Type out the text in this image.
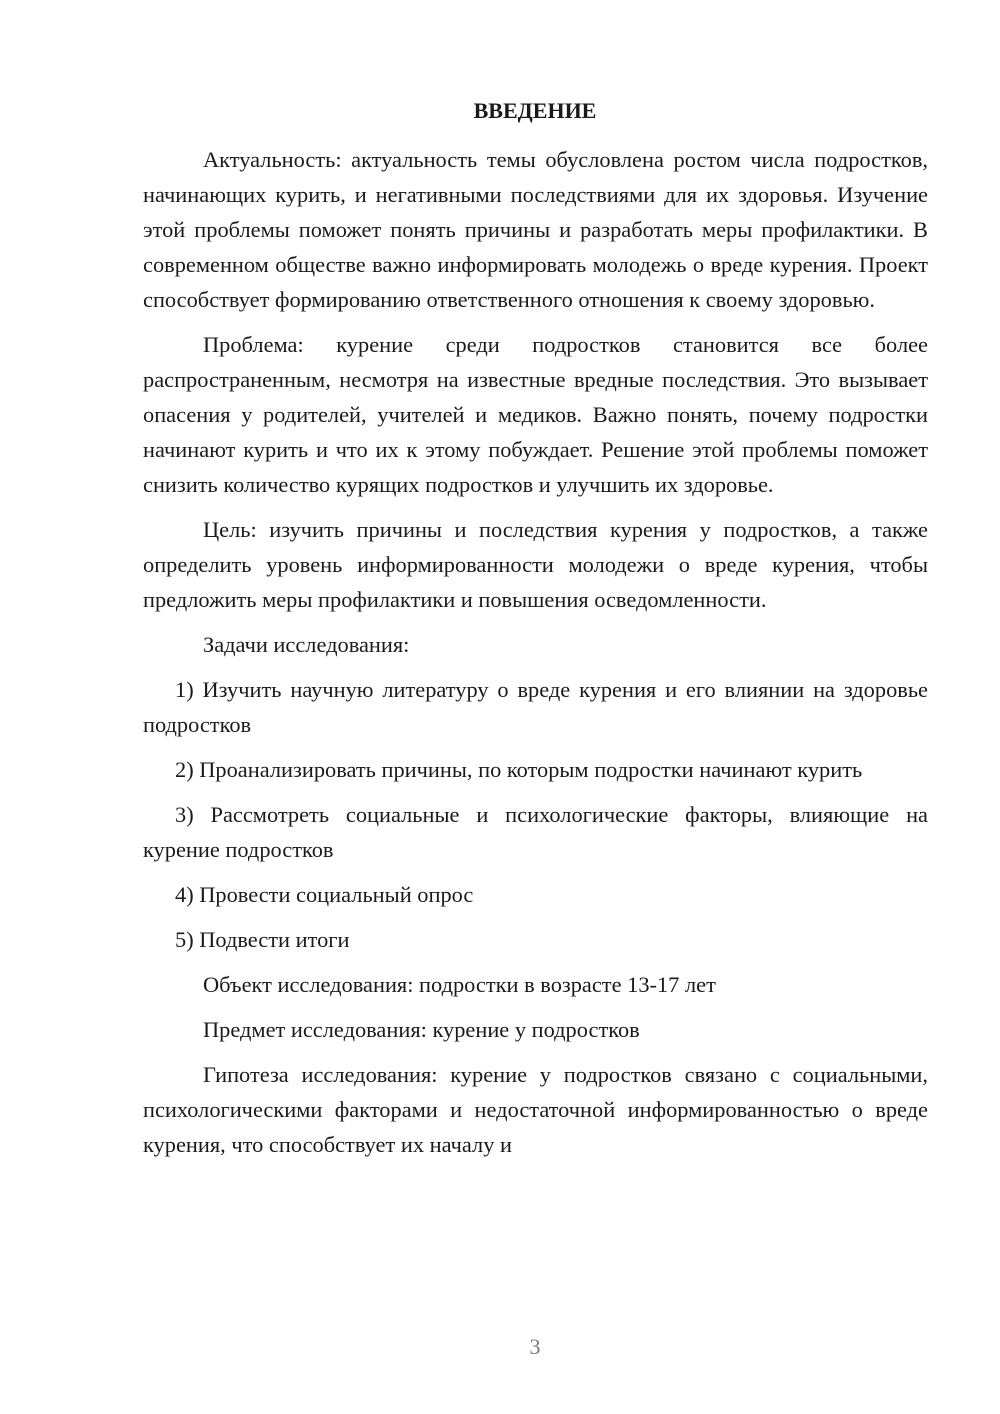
ВВЕДЕНИЕ

Актуальность: актуальность темы обусловлена ростом числа подростков, начинающих курить, и негативными последствиями для их здоровья. Изучение этой проблемы поможет понять причины и разработать меры профилактики. В современном обществе важно информировать молодежь о вреде курения. Проект способствует формированию ответственного отношения к своему здоровью.

Проблема: курение среди подростков становится все более распространенным, несмотря на известные вредные последствия. Это вызывает опасения у родителей, учителей и медиков. Важно понять, почему подростки начинают курить и что их к этому побуждает. Решение этой проблемы поможет снизить количество курящих подростков и улучшить их здоровье.

Цель: изучить причины и последствия курения у подростков, а также определить уровень информированности молодежи о вреде курения, чтобы предложить меры профилактики и повышения осведомленности.

Задачи исследования:

1) Изучить научную литературу о вреде курения и его влиянии на здоровье подростков

2) Проанализировать причины, по которым подростки начинают курить

3) Рассмотреть социальные и психологические факторы, влияющие на курение подростков

4) Провести социальный опрос

5) Подвести итоги

Объект исследования: подростки в возрасте 13-17 лет

Предмет исследования: курение у подростков

Гипотеза исследования: курение у подростков связано с социальными, психологическими факторами и недостаточной информированностью о вреде курения, что способствует их началу и

3
